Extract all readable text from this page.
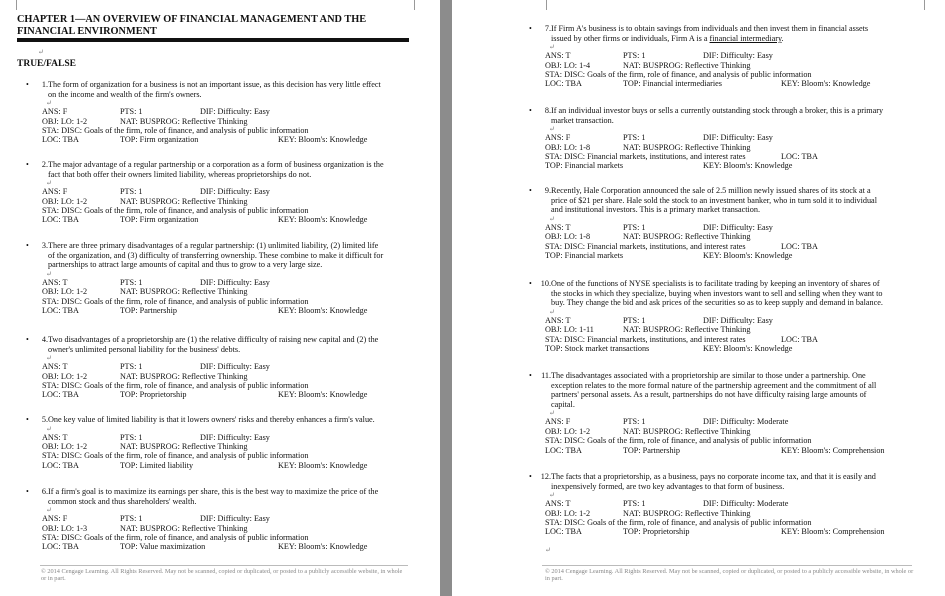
CHAPTER 1—AN OVERVIEW OF FINANCIAL MANAGEMENT AND THE
FINANCIAL ENVIRONMENT
↵
TRUE/FALSE
•	1. The form of organization for a business is not an important issue, as this decision has very little effect
on the income and wealth of the firm's owners.
↵
ANS: F	PTS: 1	DIF: Difficulty: Easy
OBJ: LO: 1-2	NAT: BUSPROG: Reflective Thinking
STA: DISC: Goals of the firm, role of finance, and analysis of public information
LOC: TBA	TOP: Firm organization	KEY: Bloom's: Knowledge
•	2. The major advantage of a regular partnership or a corporation as a form of business organization is the
fact that both offer their owners limited liability, whereas proprietorships do not.
↵
ANS: F	PTS: 1	DIF: Difficulty: Easy
OBJ: LO: 1-2	NAT: BUSPROG: Reflective Thinking
STA: DISC: Goals of the firm, role of finance, and analysis of public information
LOC: TBA	TOP: Firm organization	KEY: Bloom's: Knowledge
•	3. There are three primary disadvantages of a regular partnership: (1) unlimited liability, (2) limited life
of the organization, and (3) difficulty of transferring ownership. These combine to make it difficult for
partnerships to attract large amounts of capital and thus to grow to a very large size.
↵
ANS: T	PTS: 1	DIF: Difficulty: Easy
OBJ: LO: 1-2	NAT: BUSPROG: Reflective Thinking
STA: DISC: Goals of the firm, role of finance, and analysis of public information
LOC: TBA	TOP: Partnership	KEY: Bloom's: Knowledge
•	4. Two disadvantages of a proprietorship are (1) the relative difficulty of raising new capital and (2) the
owner's unlimited personal liability for the business' debts.
↵
ANS: T	PTS: 1	DIF: Difficulty: Easy
OBJ: LO: 1-2	NAT: BUSPROG: Reflective Thinking
STA: DISC: Goals of the firm, role of finance, and analysis of public information
LOC: TBA	TOP: Proprietorship	KEY: Bloom's: Knowledge
•	5. One key value of limited liability is that it lowers owners' risks and thereby enhances a firm's value.
↵
ANS: T	PTS: 1	DIF: Difficulty: Easy
OBJ: LO: 1-2	NAT: BUSPROG: Reflective Thinking
STA: DISC: Goals of the firm, role of finance, and analysis of public information
LOC: TBA	TOP: Limited liability	KEY: Bloom's: Knowledge
•	6. If a firm's goal is to maximize its earnings per share, this is the best way to maximize the price of the
common stock and thus shareholders' wealth.
↵
ANS: F	PTS: 1	DIF: Difficulty: Easy
OBJ: LO: 1-3	NAT: BUSPROG: Reflective Thinking
STA: DISC: Goals of the firm, role of finance, and analysis of public information
LOC: TBA	TOP: Value maximization	KEY: Bloom's: Knowledge
© 2014 Cengage Learning. All Rights Reserved. May not be scanned, copied or duplicated, or posted to a publicly accessible website, in whole or in part.
•	7. If Firm A's business is to obtain savings from individuals and then invest them in financial assets
issued by other firms or individuals, Firm A is a financial intermediary.
↵
ANS: T	PTS: 1	DIF: Difficulty: Easy
OBJ: LO: 1-4	NAT: BUSPROG: Reflective Thinking
STA: DISC: Goals of the firm, role of finance, and analysis of public information
LOC: TBA	TOP: Financial intermediaries	KEY: Bloom's: Knowledge
•	8. If an individual investor buys or sells a currently outstanding stock through a broker, this is a primary
market transaction.
↵
ANS: F	PTS: 1	DIF: Difficulty: Easy
OBJ: LO: 1-8	NAT: BUSPROG: Reflective Thinking
STA: DISC: Financial markets, institutions, and interest rates	LOC: TBA
TOP: Financial markets	KEY: Bloom's: Knowledge
•	9. Recently, Hale Corporation announced the sale of 2.5 million newly issued shares of its stock at a
price of $21 per share. Hale sold the stock to an investment banker, who in turn sold it to individual
and institutional investors. This is a primary market transaction.
↵
ANS: T	PTS: 1	DIF: Difficulty: Easy
OBJ: LO: 1-8	NAT: BUSPROG: Reflective Thinking
STA: DISC: Financial markets, institutions, and interest rates	LOC: TBA
TOP: Financial markets	KEY: Bloom's: Knowledge
•	10. One of the functions of NYSE specialists is to facilitate trading by keeping an inventory of shares of
the stocks in which they specialize, buying when investors want to sell and selling when they want to
buy. They change the bid and ask prices of the securities so as to keep supply and demand in balance.
↵
ANS: T	PTS: 1	DIF: Difficulty: Easy
OBJ: LO: 1-11	NAT: BUSPROG: Reflective Thinking
STA: DISC: Financial markets, institutions, and interest rates	LOC: TBA
TOP: Stock market transactions	KEY: Bloom's: Knowledge
•	11. The disadvantages associated with a proprietorship are similar to those under a partnership. One
exception relates to the more formal nature of the partnership agreement and the commitment of all
partners' personal assets. As a result, partnerships do not have difficulty raising large amounts of
capital.
↵
ANS: F	PTS: 1	DIF: Difficulty: Moderate
OBJ: LO: 1-2	NAT: BUSPROG: Reflective Thinking
STA: DISC: Goals of the firm, role of finance, and analysis of public information
LOC: TBA	TOP: Partnership	KEY: Bloom's: Comprehension
•	12. The facts that a proprietorship, as a business, pays no corporate income tax, and that it is easily and
inexpensively formed, are two key advantages to that form of business.
↵
ANS: T	PTS: 1	DIF: Difficulty: Moderate
OBJ: LO: 1-2	NAT: BUSPROG: Reflective Thinking
STA: DISC: Goals of the firm, role of finance, and analysis of public information
LOC: TBA	TOP: Proprietorship	KEY: Bloom's: Comprehension
↵
© 2014 Cengage Learning. All Rights Reserved. May not be scanned, copied or duplicated, or posted to a publicly accessible website, in whole or in part.
